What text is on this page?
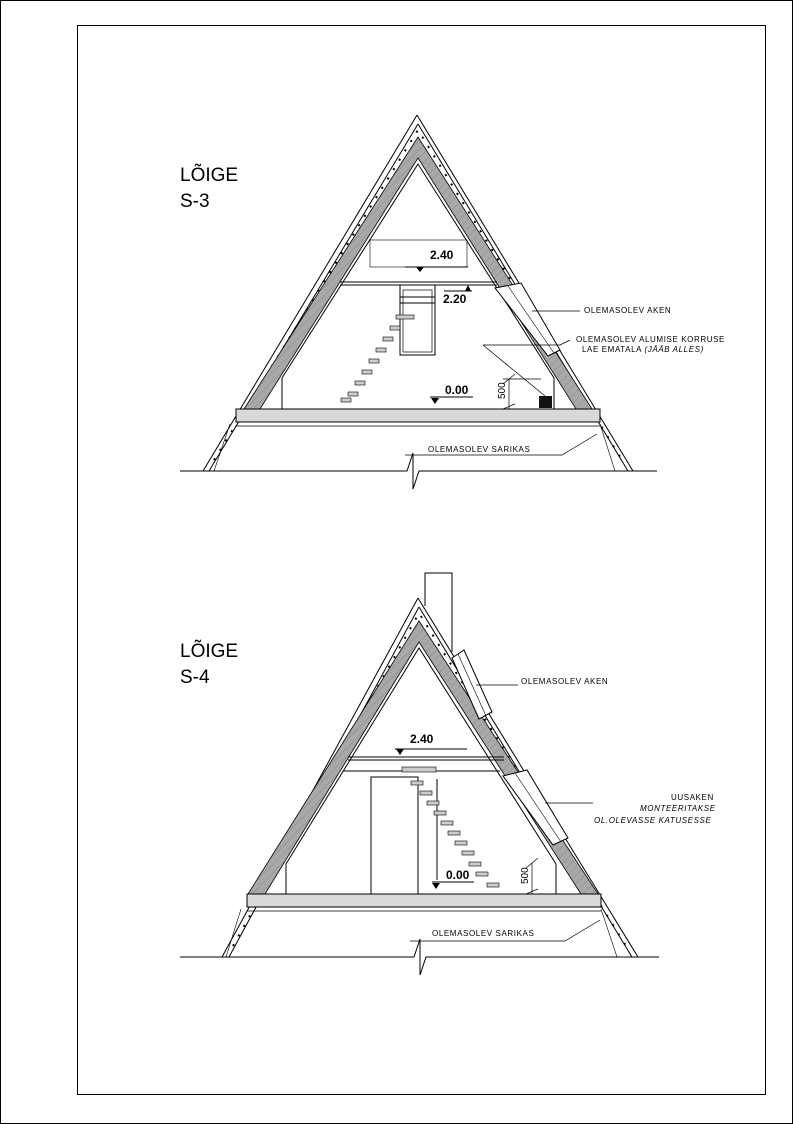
LÕIGE
S-3
2.40
2.20
0.00
OLEMASOLEV AKEN
OLEMASOLEV ALUMISE KORRUSE
LAE EMATALA (JÄÄB ALLES)
500
OLEMASOLEV SARIKAS
LÕIGE
S-4
2.40
0.00
OLEMASOLEV AKEN
UUSAKEN
MONTEERITAKSE
OL.OLEVASSE KATUSESSE
500
OLEMASOLEV SARIKAS
